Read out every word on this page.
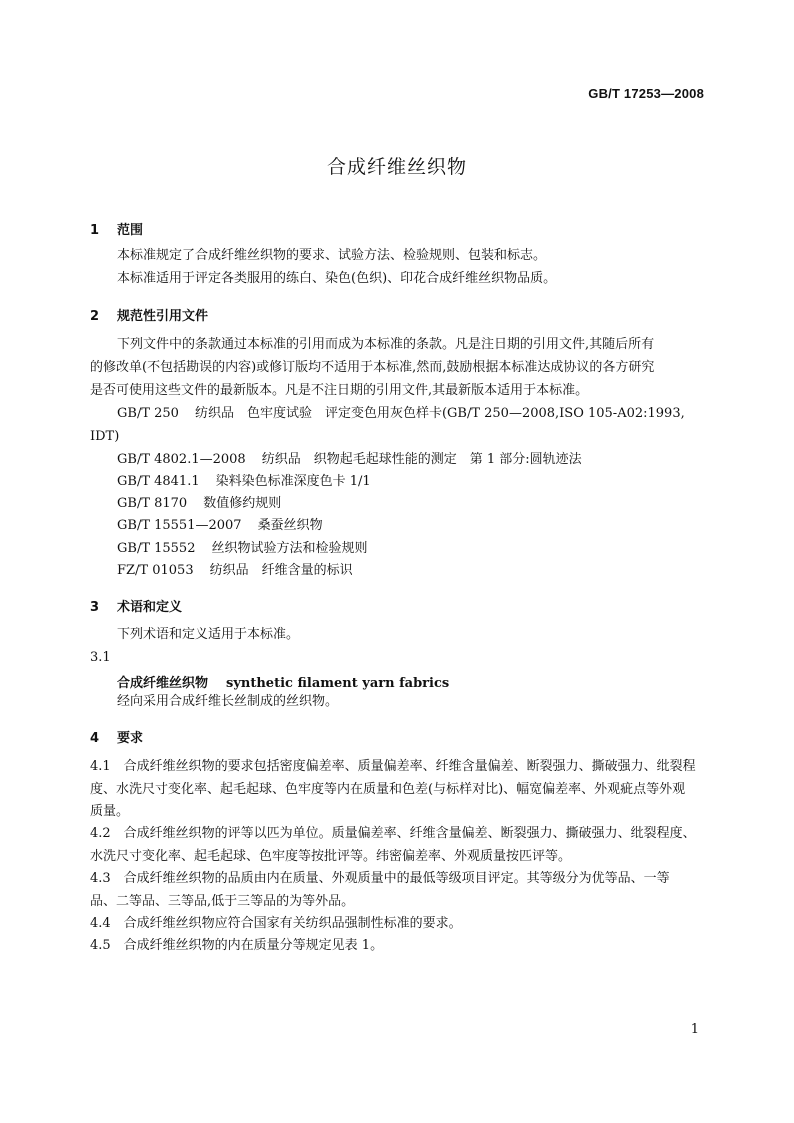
GB/T 17253—2008
合成纤维丝织物
1 范围
本标准规定了合成纤维丝织物的要求、试验方法、检验规则、包装和标志。
本标准适用于评定各类服用的练白、染色(色织)、印花合成纤维丝织物品质。
2 规范性引用文件
下列文件中的条款通过本标准的引用而成为本标准的条款。凡是注日期的引用文件,其随后所有
的修改单(不包括勘误的内容)或修订版均不适用于本标准,然而,鼓励根据本标准达成协议的各方研究
是否可使用这些文件的最新版本。凡是不注日期的引用文件,其最新版本适用于本标准。
GB/T 250 纺织品　色牢度试验　评定变色用灰色样卡(GB/T 250—2008,ISO 105-A02:1993,
IDT)
GB/T 4802.1—2008 纺织品　织物起毛起球性能的测定　第 1 部分:圆轨迹法
GB/T 4841.1 染料染色标准深度色卡 1/1
GB/T 8170 数值修约规则
GB/T 15551—2007 桑蚕丝织物
GB/T 15552 丝织物试验方法和检验规则
FZ/T 01053 纺织品　纤维含量的标识
3 术语和定义
下列术语和定义适用于本标准。
3.1
合成纤维丝织物 synthetic filament yarn fabrics
经向采用合成纤维长丝制成的丝织物。
4 要求
4.1　合成纤维丝织物的要求包括密度偏差率、质量偏差率、纤维含量偏差、断裂强力、撕破强力、纰裂程
度、水洗尺寸变化率、起毛起球、色牢度等内在质量和色差(与标样对比)、幅宽偏差率、外观疵点等外观
质量。
4.2　合成纤维丝织物的评等以匹为单位。质量偏差率、纤维含量偏差、断裂强力、撕破强力、纰裂程度、
水洗尺寸变化率、起毛起球、色牢度等按批评等。纬密偏差率、外观质量按匹评等。
4.3　合成纤维丝织物的品质由内在质量、外观质量中的最低等级项目评定。其等级分为优等品、一等
品、二等品、三等品,低于三等品的为等外品。
4.4　合成纤维丝织物应符合国家有关纺织品强制性标准的要求。
4.5　合成纤维丝织物的内在质量分等规定见表 1。
1
